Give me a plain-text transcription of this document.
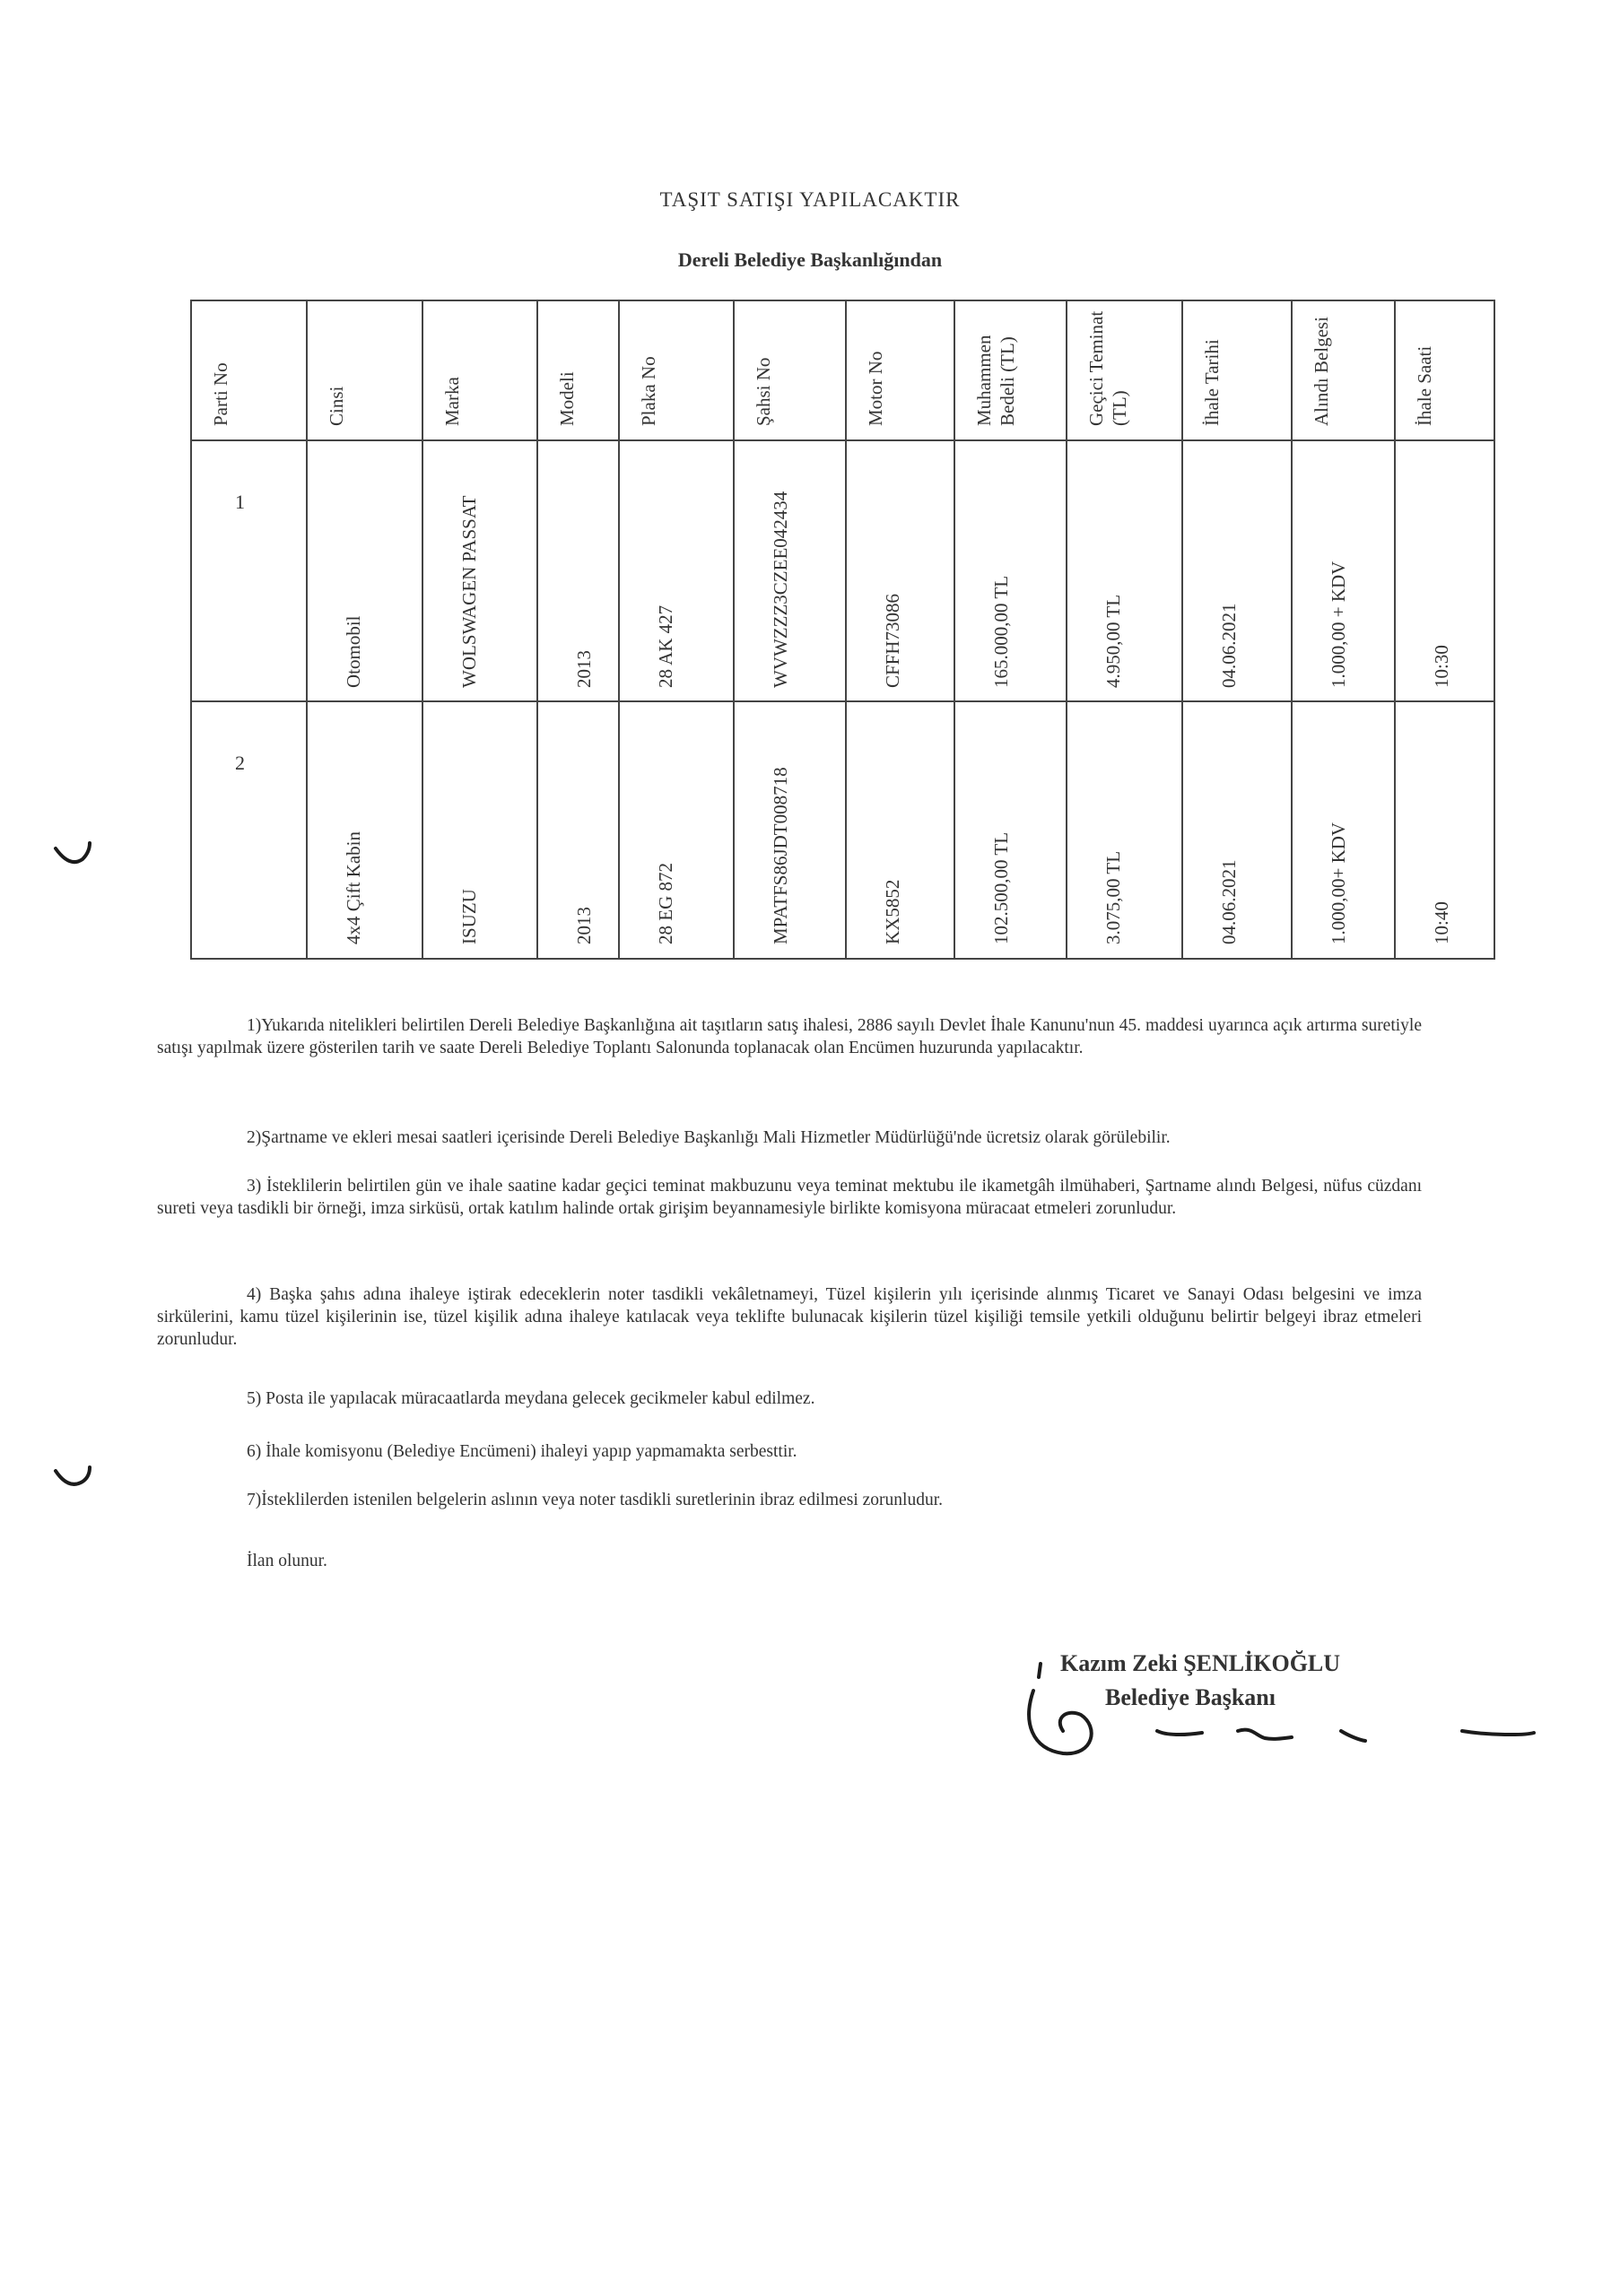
TAŞIT SATIŞI YAPILACAKTIR
Dereli Belediye Başkanlığından
Parti No	Cinsi	Marka	Modeli	Plaka No	Şahsi No	Motor No	Muhammen Bedeli (TL)	Geçici Teminat (TL)	İhale Tarihi	Alındı Belgesi	İhale Saati

1	Otomobil	WOLSWAGEN PASSAT	2013	28 AK 427	WVWZZZ3CZEE042434	CFFH73086	165.000,00 TL	4.950,00 TL	04.06.2021	1.000,00 + KDV	10:30

2	4x4 Çift Kabin	ISUZU	2013	28 EG 872	MPATFS86JDT008718	KX5852	102.500,00 TL	3.075,00 TL	04.06.2021	1.000,00+ KDV	10:40
1)Yukarıda nitelikleri belirtilen Dereli Belediye Başkanlığına ait taşıtların satış ihalesi, 2886 sayılı Devlet İhale Kanunu'nun 45. maddesi uyarınca açık artırma suretiyle satışı yapılmak üzere gösterilen tarih ve saate Dereli Belediye Toplantı Salonunda toplanacak olan Encümen huzurunda yapılacaktır.
2)Şartname ve ekleri mesai saatleri içerisinde Dereli Belediye Başkanlığı Mali Hizmetler Müdürlüğü'nde ücretsiz olarak görülebilir.
3) İsteklilerin belirtilen gün ve ihale saatine kadar geçici teminat makbuzunu veya teminat mektubu ile ikametgâh ilmühaberi, Şartname alındı Belgesi, nüfus cüzdanı sureti veya tasdikli bir örneği, imza sirküsü, ortak katılım halinde ortak girişim beyannamesiyle birlikte komisyona müracaat etmeleri zorunludur.
4) Başka şahıs adına ihaleye iştirak edeceklerin noter tasdikli vekâletnameyi, Tüzel kişilerin yılı içerisinde alınmış Ticaret ve Sanayi Odası belgesini ve imza sirkülerini, kamu tüzel kişilerinin ise, tüzel kişilik adına ihaleye katılacak veya teklifte bulunacak kişilerin tüzel kişiliği temsile yetkili olduğunu belirtir belgeyi ibraz etmeleri zorunludur.
5) Posta ile yapılacak müracaatlarda meydana gelecek gecikmeler kabul edilmez.
6) İhale komisyonu (Belediye Encümeni) ihaleyi yapıp yapmamakta serbesttir.
7)İsteklilerden istenilen belgelerin aslının veya noter tasdikli suretlerinin ibraz edilmesi zorunludur.
İlan olunur.
Kazım Zeki ŞENLİKOĞLU
Belediye Başkanı
